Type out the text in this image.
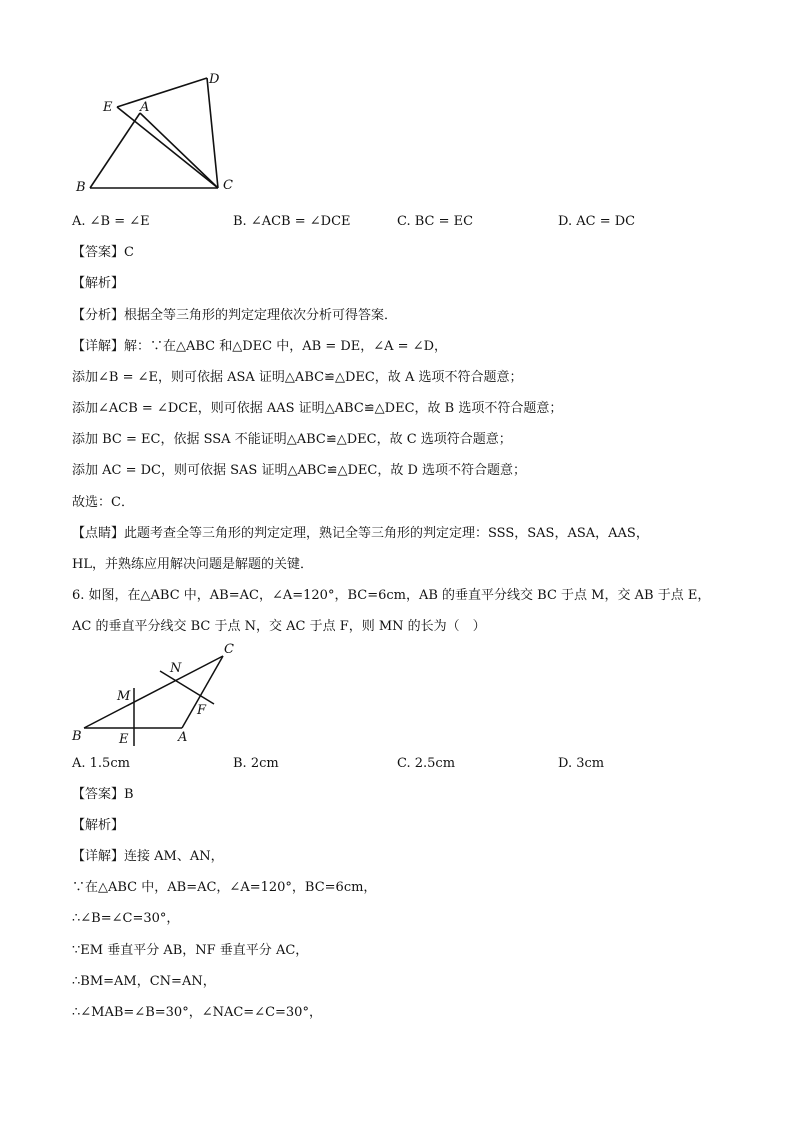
E A
D
B	C
A. ∠B = ∠E	B. ∠ACB = ∠DCE	C. BC = EC	D. AC = DC
【答案】C
【解析】
【分析】根据全等三角形的判定定理依次分析可得答案．
【详解】解：∵在△ABC 和△DEC 中，AB = DE，∠A = ∠D，
添加∠B = ∠E，则可依据 ASA 证明△ABC≌△DEC，故 A 选项不符合题意；
添加∠ACB = ∠DCE，则可依据 AAS 证明△ABC≌△DEC，故 B 选项不符合题意；
添加 BC = EC，依据 SSA 不能证明△ABC≌△DEC，故 C 选项符合题意；
添加 AC = DC，则可依据 SAS 证明△ABC≌△DEC，故 D 选项不符合题意；
故选：C．
【点睛】此题考查全等三角形的判定定理，熟记全等三角形的判定定理：SSS，SAS，ASA，AAS，
HL，并熟练应用解决问题是解题的关键．
6. 如图，在△ABC 中，AB=AC，∠A=120°，BC=6cm，AB 的垂直平分线交 BC 于点 M，交 AB 于点 E，
AC 的垂直平分线交 BC 于点 N，交 AC 于点 F，则 MN 的长为（　）
C
N
M
F
B	E	A
A. 1.5cm	B. 2cm	C. 2.5cm	D. 3cm
【答案】B
【解析】
【详解】连接 AM、AN，
∵在△ABC 中，AB=AC，∠A=120°，BC=6cm，
∴∠B=∠C=30°，
∵EM 垂直平分 AB，NF 垂直平分 AC，
∴BM=AM，CN=AN，
∴∠MAB=∠B=30°，∠NAC=∠C=30°，
